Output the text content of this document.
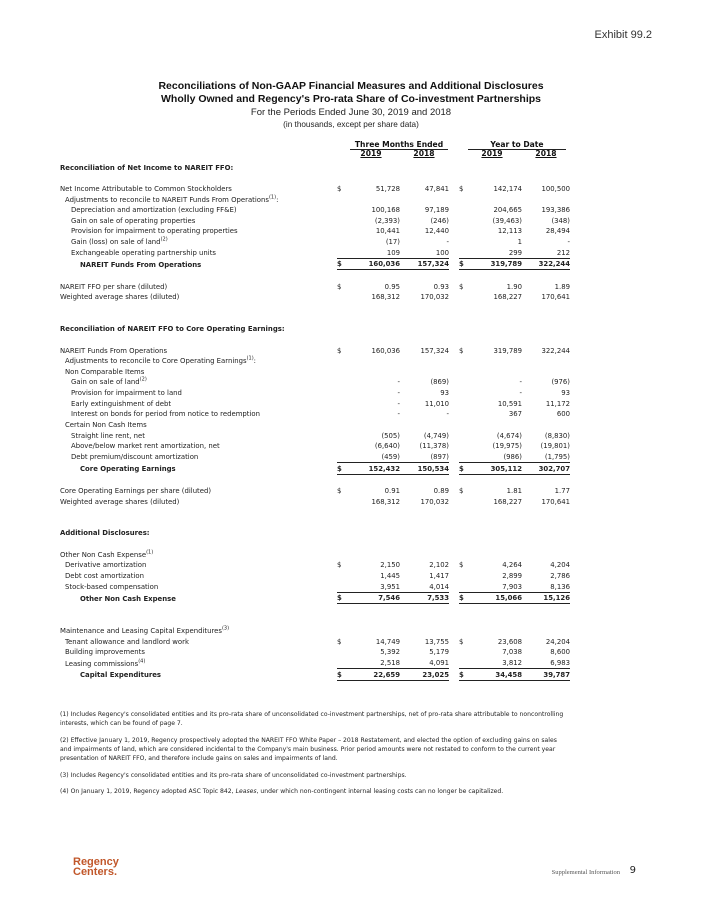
Exhibit 99.2
Reconciliations of Non-GAAP Financial Measures and Additional Disclosures
Wholly Owned and Regency's Pro-rata Share of Co-investment Partnerships
For the Periods Ended June 30, 2019 and 2018
(in thousands, except per share data)
Three Months Ended	Year to Date
2019	2018	2019	2018
Reconciliation of Net Income to NAREIT FFO:							

Net Income Attributable to Common Stockholders	$	51,728	47,841		$	142,174	100,500
Adjustments to reconcile to NAREIT Funds From Operations$^{(1)}$:							
Depreciation and amortization (excluding FF&E)		100,168	97,189			204,665	193,386
Gain on sale of operating properties		(2,393)	(246)			(39,463)	(348)
Provision for impairment to operating properties		10,441	12,440			12,113	28,494
Gain (loss) on sale of land$^{(2)}$		(17)	-			1	-
Exchangeable operating partnership units		109	100			299	212
NAREIT Funds From Operations	$	160,036	157,324		$	319,789	322,244

NAREIT FFO per share (diluted)	$	0.95	0.93		$	1.90	1.89
Weighted average shares (diluted)		168,312	170,032			168,227	170,641

Reconciliation of NAREIT FFO to Core Operating Earnings:							

NAREIT Funds From Operations	$	160,036	157,324		$	319,789	322,244
Adjustments to reconcile to Core Operating Earnings$^{(1)}$:							
Non Comparable Items							
Gain on sale of land$^{(2)}$		-	(869)			-	(976)
Provision for impairment to land		-	93			-	93
Early extinguishment of debt		-	11,010			10,591	11,172
Interest on bonds for period from notice to redemption		-	-			367	600
Certain Non Cash Items							
Straight line rent, net		(505)	(4,749)			(4,674)	(8,830)
Above/below market rent amortization, net		(6,640)	(11,378)			(19,975)	(19,801)
Debt premium/discount amortization		(459)	(897)			(986)	(1,795)
Core Operating Earnings	$	152,432	150,534		$	305,112	302,707

Core Operating Earnings per share (diluted)	$	0.91	0.89		$	1.81	1.77
Weighted average shares (diluted)		168,312	170,032			168,227	170,641

Additional Disclosures:							

Other Non Cash Expense$^{(1)}$							
Derivative amortization	$	2,150	2,102		$	4,264	4,204
Debt cost amortization		1,445	1,417			2,899	2,786
Stock-based compensation		3,951	4,014			7,903	8,136
Other Non Cash Expense	$	7,546	7,533		$	15,066	15,126

Maintenance and Leasing Capital Expenditures$^{(3)}$							
Tenant allowance and landlord work	$	14,749	13,755		$	23,608	24,204
Building improvements		5,392	5,179			7,038	8,600
Leasing commissions$^{(4)}$		2,518	4,091			3,812	6,983
Capital Expenditures	$	22,659	23,025		$	34,458	39,787

(1) Includes Regency's consolidated entities and its pro-rata share of unconsolidated co-investment partnerships, net of pro-rata share attributable to noncontrolling interests, which can be found of page 7.

(2) Effective January 1, 2019, Regency prospectively adopted the NAREIT FFO White Paper – 2018 Restatement, and elected the option of excluding gains on sales and impairments of land, which are considered incidental to the Company's main business. Prior period amounts were not restated to conform to the current year presentation of NAREIT FFO, and therefore include gains on sales and impairments of land.

(3) Includes Regency's consolidated entities and its pro-rata share of unconsolidated co-investment partnerships.

(4) On January 1, 2019, Regency adopted ASC Topic 842, Leases, under which non-contingent internal leasing costs can no longer be capitalized.

Regency
Centers.	Supplemental Information 9
